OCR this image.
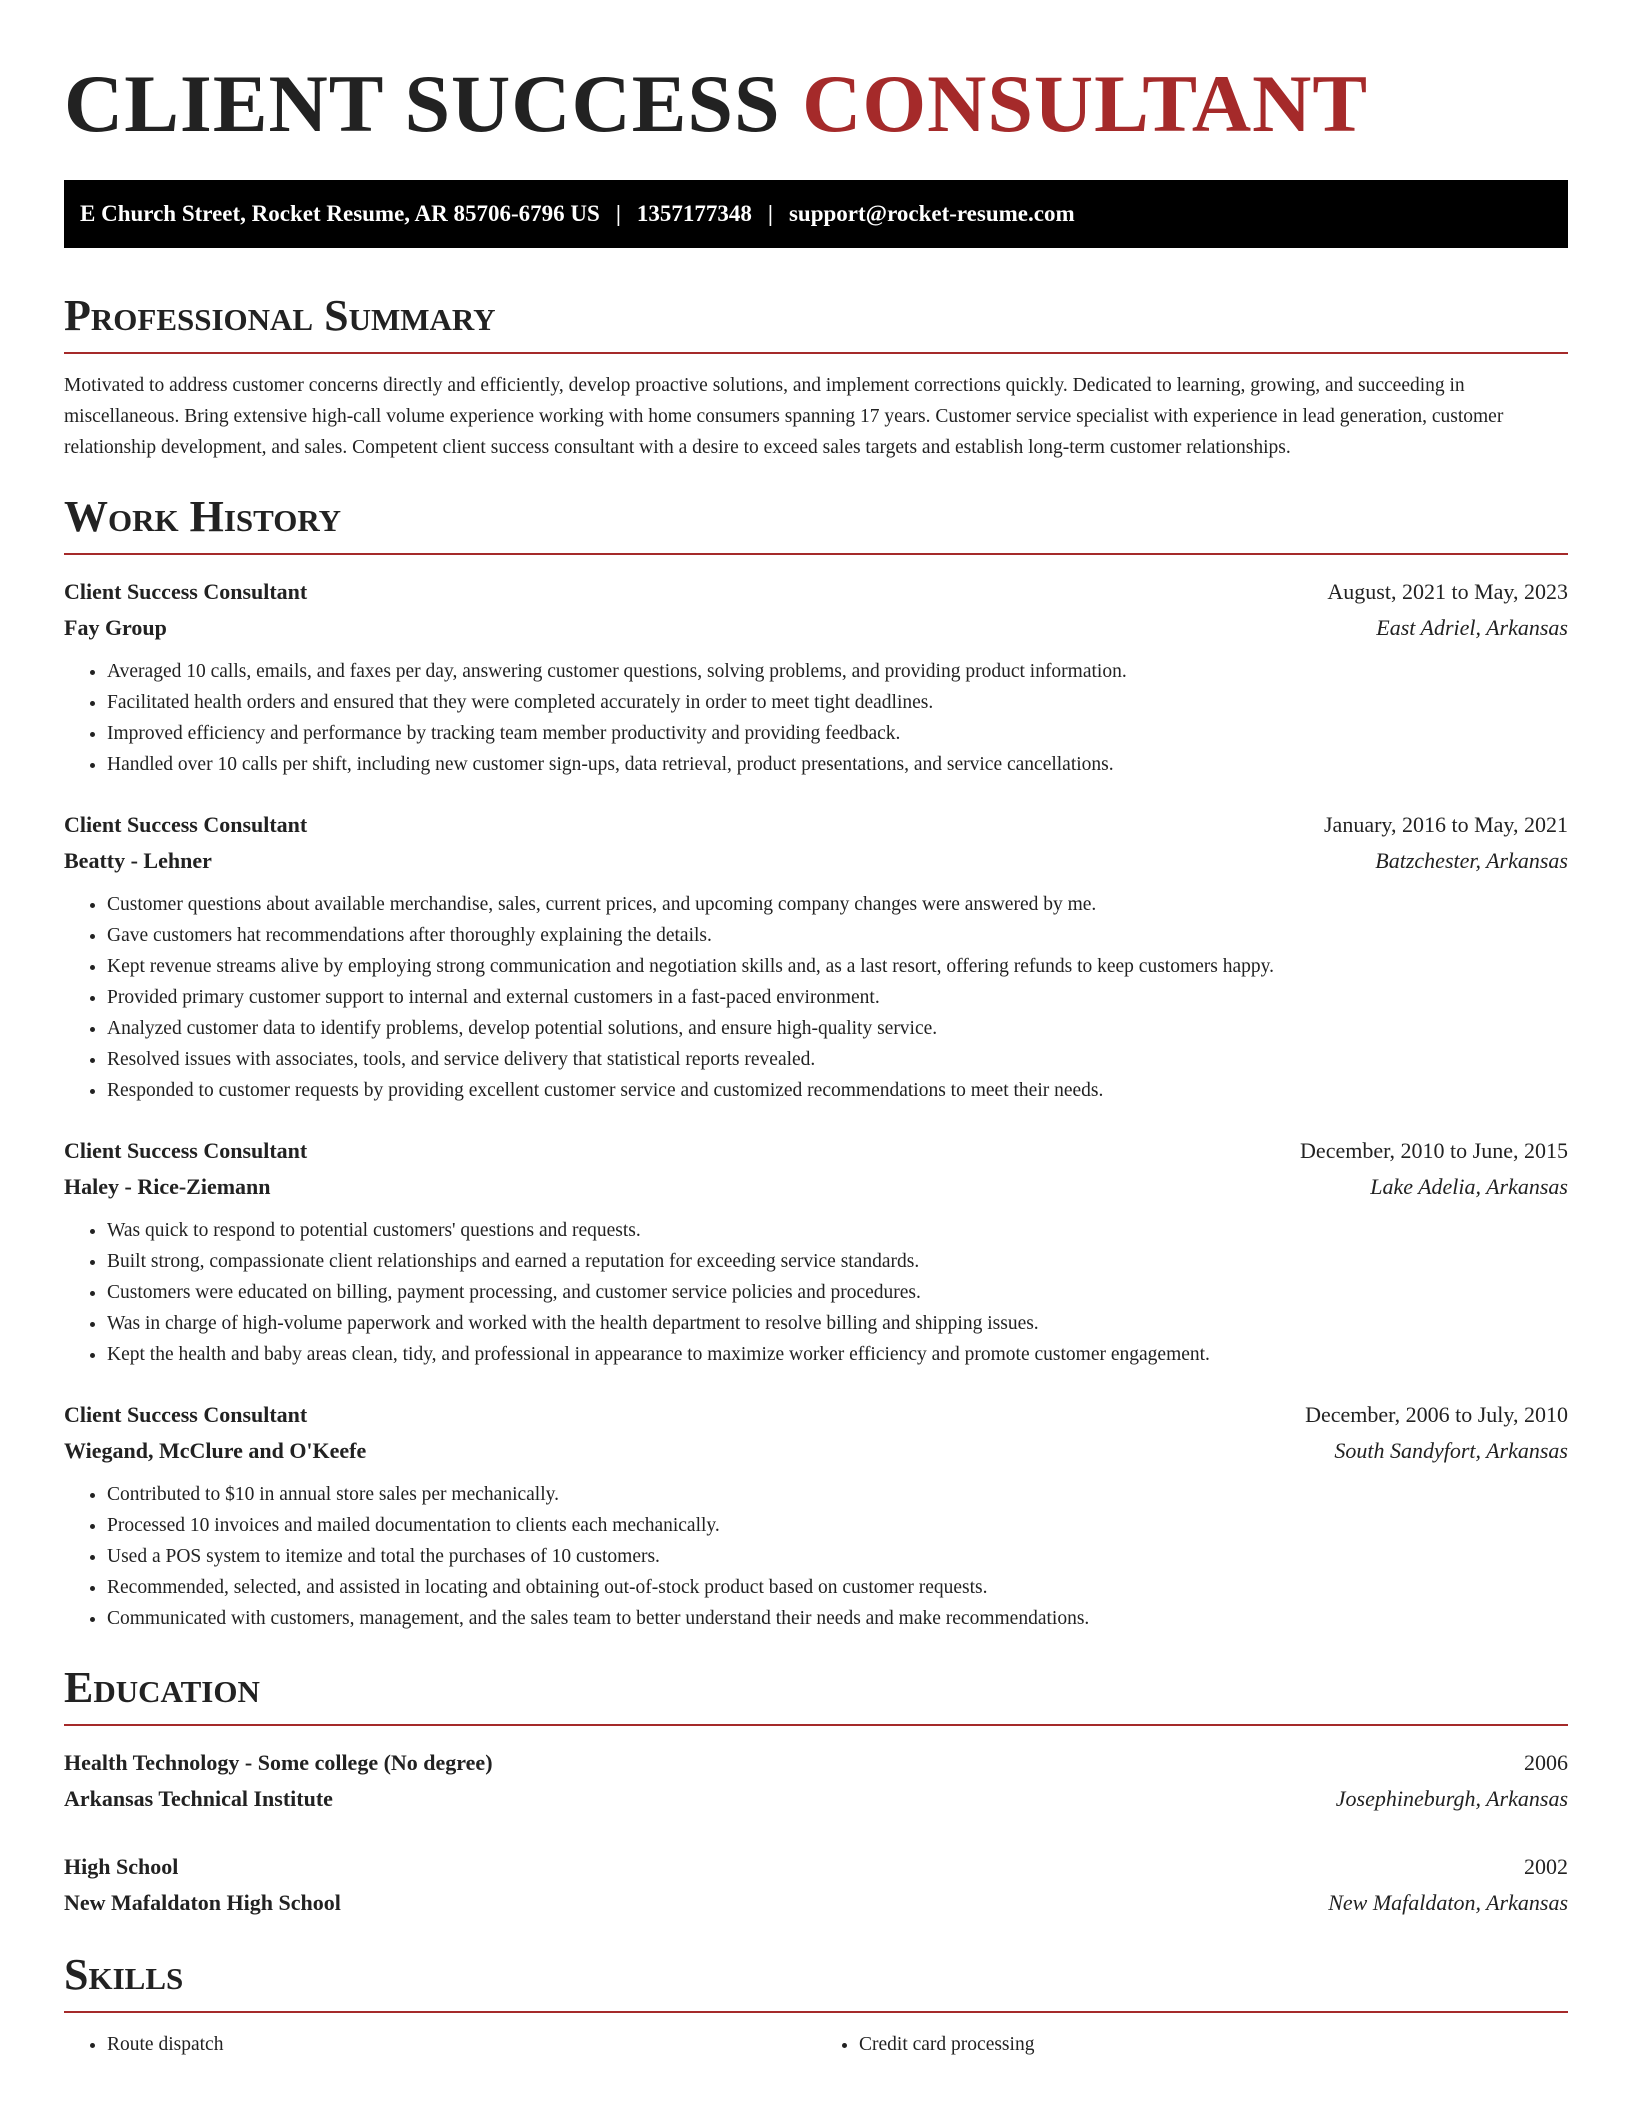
CLIENT SUCCESS CONSULTANT
E Church Street, Rocket Resume, AR 85706-6796 US | 1357177348 | support@rocket-resume.com
Professional Summary
Motivated to address customer concerns directly and efficiently, develop proactive solutions, and implement corrections quickly. Dedicated to learning, growing, and succeeding in miscellaneous. Bring extensive high-call volume experience working with home consumers spanning 17 years. Customer service specialist with experience in lead generation, customer relationship development, and sales. Competent client success consultant with a desire to exceed sales targets and establish long-term customer relationships.
Work History
Client Success Consultant	August, 2021 to May, 2023
Fay Group	East Adriel, Arkansas
• Averaged 10 calls, emails, and faxes per day, answering customer questions, solving problems, and providing product information.
• Facilitated health orders and ensured that they were completed accurately in order to meet tight deadlines.
• Improved efficiency and performance by tracking team member productivity and providing feedback.
• Handled over 10 calls per shift, including new customer sign-ups, data retrieval, product presentations, and service cancellations.
Client Success Consultant	January, 2016 to May, 2021
Beatty - Lehner	Batzchester, Arkansas
• Customer questions about available merchandise, sales, current prices, and upcoming company changes were answered by me.
• Gave customers hat recommendations after thoroughly explaining the details.
• Kept revenue streams alive by employing strong communication and negotiation skills and, as a last resort, offering refunds to keep customers happy.
• Provided primary customer support to internal and external customers in a fast-paced environment.
• Analyzed customer data to identify problems, develop potential solutions, and ensure high-quality service.
• Resolved issues with associates, tools, and service delivery that statistical reports revealed.
• Responded to customer requests by providing excellent customer service and customized recommendations to meet their needs.
Client Success Consultant	December, 2010 to June, 2015
Haley - Rice-Ziemann	Lake Adelia, Arkansas
• Was quick to respond to potential customers' questions and requests.
• Built strong, compassionate client relationships and earned a reputation for exceeding service standards.
• Customers were educated on billing, payment processing, and customer service policies and procedures.
• Was in charge of high-volume paperwork and worked with the health department to resolve billing and shipping issues.
• Kept the health and baby areas clean, tidy, and professional in appearance to maximize worker efficiency and promote customer engagement.
Client Success Consultant	December, 2006 to July, 2010
Wiegand, McClure and O'Keefe	South Sandyfort, Arkansas
• Contributed to $10 in annual store sales per mechanically.
• Processed 10 invoices and mailed documentation to clients each mechanically.
• Used a POS system to itemize and total the purchases of 10 customers.
• Recommended, selected, and assisted in locating and obtaining out-of-stock product based on customer requests.
• Communicated with customers, management, and the sales team to better understand their needs and make recommendations.
Education
Health Technology - Some college (No degree)	2006
Arkansas Technical Institute	Josephineburgh, Arkansas
High School	2002
New Mafaldaton High School	New Mafaldaton, Arkansas
Skills
• Route dispatch
•	Credit card processing
